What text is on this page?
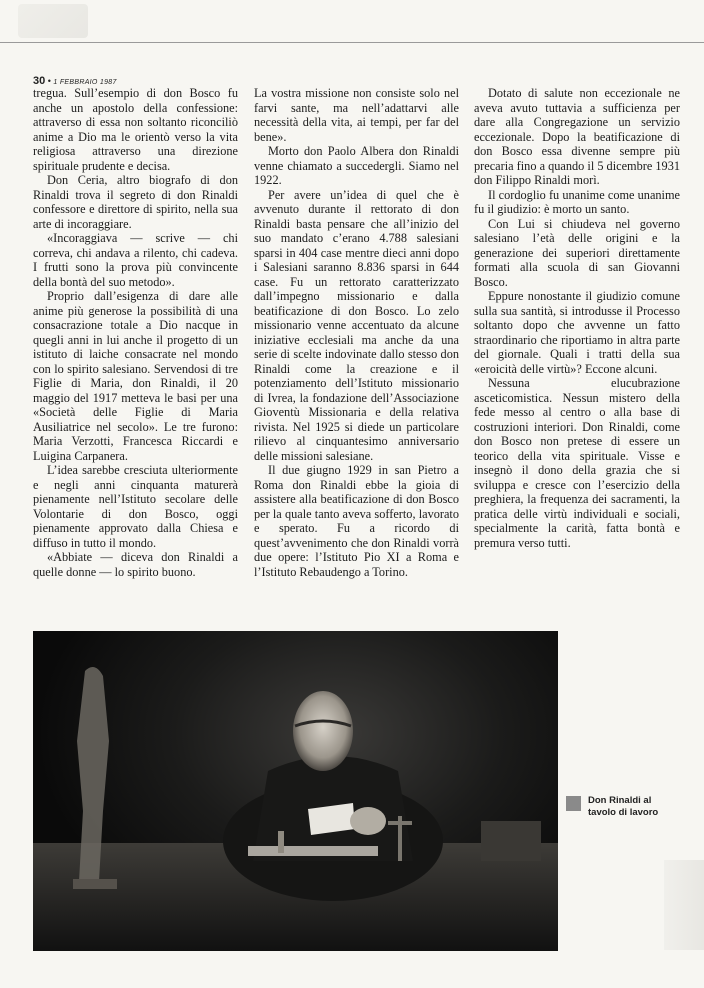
30 • 1 FEBBRAIO 1987

tregua. Sull’esempio di don Bosco fu anche un apostolo della confessione: attraverso di essa non soltanto riconciliò anime a Dio ma le orientò verso la vita religiosa attraverso una direzione spirituale prudente e decisa.

Don Ceria, altro biografo di don Rinaldi trova il segreto di don Rinaldi confessore e direttore di spirito, nella sua arte di incoraggiare.

«Incoraggiava — scrive — chi correva, chi andava a rilento, chi cadeva. I frutti sono la prova più convincente della bontà del suo metodo».

Proprio dall’esigenza di dare alle anime più generose la possibilità di una consacrazione totale a Dio nacque in quegli anni in lui anche il progetto di un istituto di laiche consacrate nel mondo con lo spirito salesiano. Servendosi di tre Figlie di Maria, don Rinaldi, il 20 maggio del 1917 metteva le basi per una «Società delle Figlie di Maria Ausiliatrice nel secolo». Le tre furono: Maria Verzotti, Francesca Riccardi e Luigina Carpanera.

L’idea sarebbe cresciuta ulteriormente e negli anni cinquanta maturerà pienamente nell’Istituto secolare delle Volontarie di don Bosco, oggi pienamente approvato dalla Chiesa e diffuso in tutto il mondo.

«Abbiate — diceva don Rinaldi a quelle donne — lo spirito buono.

La vostra missione non consiste solo nel farvi sante, ma nell’adattarvi alle necessità della vita, ai tempi, per far del bene».

Morto don Paolo Albera don Rinaldi venne chiamato a succedergli. Siamo nel 1922.

Per avere un’idea di quel che è avvenuto durante il rettorato di don Rinaldi basta pensare che all’inizio del suo mandato c’erano 4.788 salesiani sparsi in 404 case mentre dieci anni dopo i Salesiani saranno 8.836 sparsi in 644 case. Fu un rettorato caratterizzato dall’impegno missionario e dalla beatificazione di don Bosco. Lo zelo missionario venne accentuato da alcune iniziative ecclesiali ma anche da una serie di scelte indovinate dallo stesso don Rinaldi come la creazione e il potenziamento dell’Istituto missionario di Ivrea, la fondazione dell’Associazione Gioventù Missionaria e della relativa rivista. Nel 1925 si diede un particolare rilievo al cinquantesimo anniversario delle missioni salesiane.

Il due giugno 1929 in san Pietro a Roma don Rinaldi ebbe la gioia di assistere alla beatificazione di don Bosco per la quale tanto aveva sofferto, lavorato e sperato. Fu a ricordo di quest’avvenimento che don Rinaldi vorrà due opere: l’Istituto Pio XI a Roma e l’Istituto Rebaudengo a Torino.

Dotato di salute non eccezionale ne aveva avuto tuttavia a sufficienza per dare alla Congregazione un servizio eccezionale. Dopo la beatificazione di don Bosco essa divenne sempre più precaria fino a quando il 5 dicembre 1931 don Filippo Rinaldi morì.

Il cordoglio fu unanime come unanime fu il giudizio: è morto un santo.

Con Lui si chiudeva nel governo salesiano l’età delle origini e la generazione dei superiori direttamente formati alla scuola di san Giovanni Bosco.

Eppure nonostante il giudizio comune sulla sua santità, si introdusse il Processo soltanto dopo che avvenne un fatto straordinario che riportiamo in altra parte del giornale. Quali i tratti della sua «eroicità delle virtù»? Eccone alcuni.

Nessuna elucubrazione asceticomistica. Nessun mistero della fede messo al centro o alla base di costruzioni interiori. Don Rinaldi, come don Bosco non pretese di essere un teorico della vita spirituale. Visse e insegnò il dono della grazia che si sviluppa e cresce con l’esercizio della preghiera, la frequenza dei sacramenti, la pratica delle virtù individuali e sociali, specialmente la carità, fatta bontà e premura verso tutti.

Don Rinaldi al
tavolo di lavoro
